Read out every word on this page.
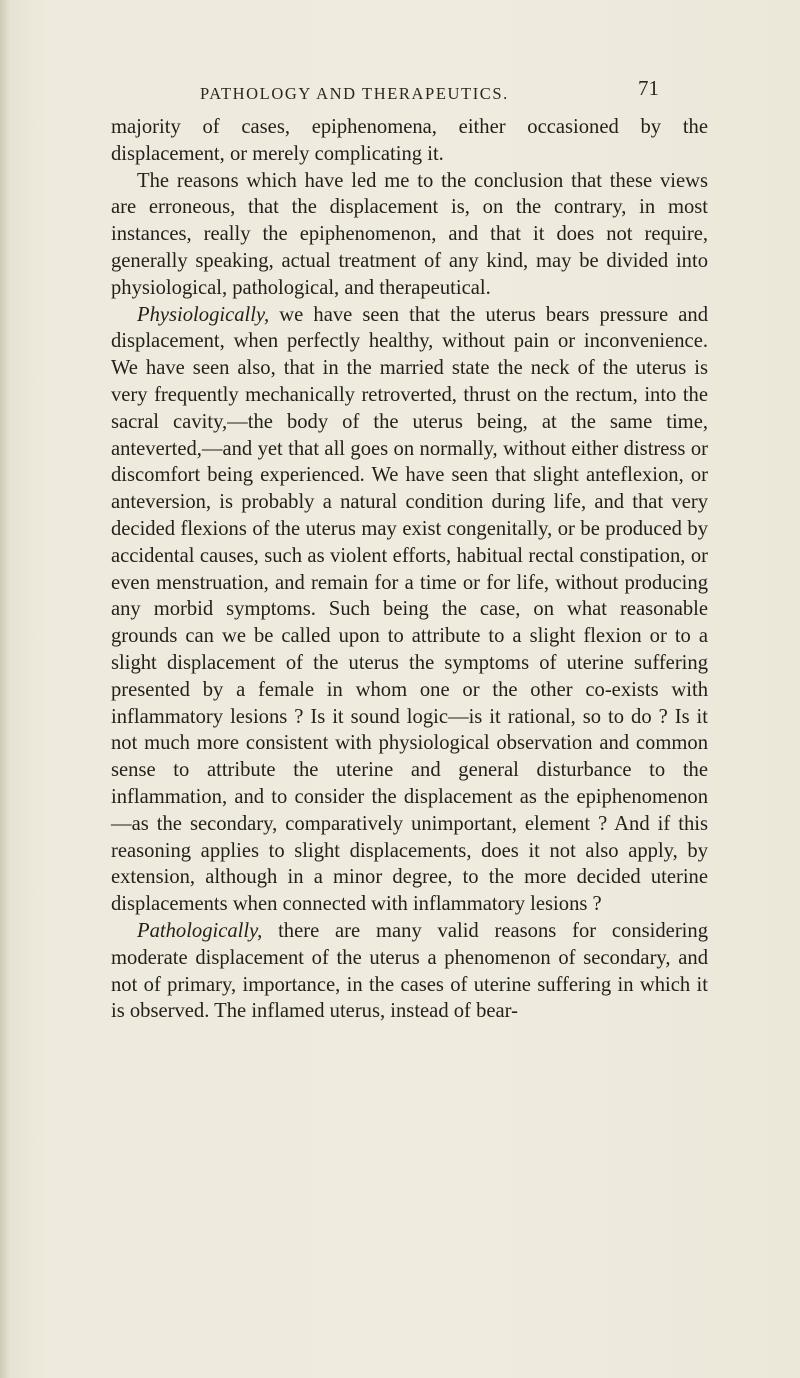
PATHOLOGY AND THERAPEUTICS.	71

majority of cases, epiphenomena, either occasioned by the displacement, or merely complicating it.

The reasons which have led me to the conclusion that these views are erroneous, that the displacement is, on the contrary, in most instances, really the epiphenomenon, and that it does not require, generally speaking, actual treatment of any kind, may be divided into physiological, pathological, and therapeutical.

Physiologically, we have seen that the uterus bears pressure and displacement, when perfectly healthy, without pain or inconvenience. We have seen also, that in the married state the neck of the uterus is very frequently mechanically retroverted, thrust on the rectum, into the sacral cavity,—the body of the uterus being, at the same time, anteverted,—and yet that all goes on normally, without either distress or discomfort being experienced. We have seen that slight anteflexion, or anteversion, is probably a natural condition during life, and that very decided flexions of the uterus may exist congenitally, or be produced by accidental causes, such as violent efforts, habitual rectal constipation, or even menstruation, and remain for a time or for life, without producing any morbid symptoms. Such being the case, on what reasonable grounds can we be called upon to attribute to a slight flexion or to a slight displacement of the uterus the symptoms of uterine suffering presented by a female in whom one or the other co-exists with inflammatory lesions ? Is it sound logic—is it rational, so to do ? Is it not much more consistent with physiological observation and common sense to attribute the uterine and general disturbance to the inflammation, and to consider the displacement as the epiphenomenon—as the secondary, comparatively unimportant, element ? And if this reasoning applies to slight displacements, does it not also apply, by extension, although in a minor degree, to the more decided uterine displacements when connected with inflammatory lesions ?

Pathologically, there are many valid reasons for considering moderate displacement of the uterus a phenomenon of secondary, and not of primary, importance, in the cases of uterine suffering in which it is observed. The inflamed uterus, instead of bear-
